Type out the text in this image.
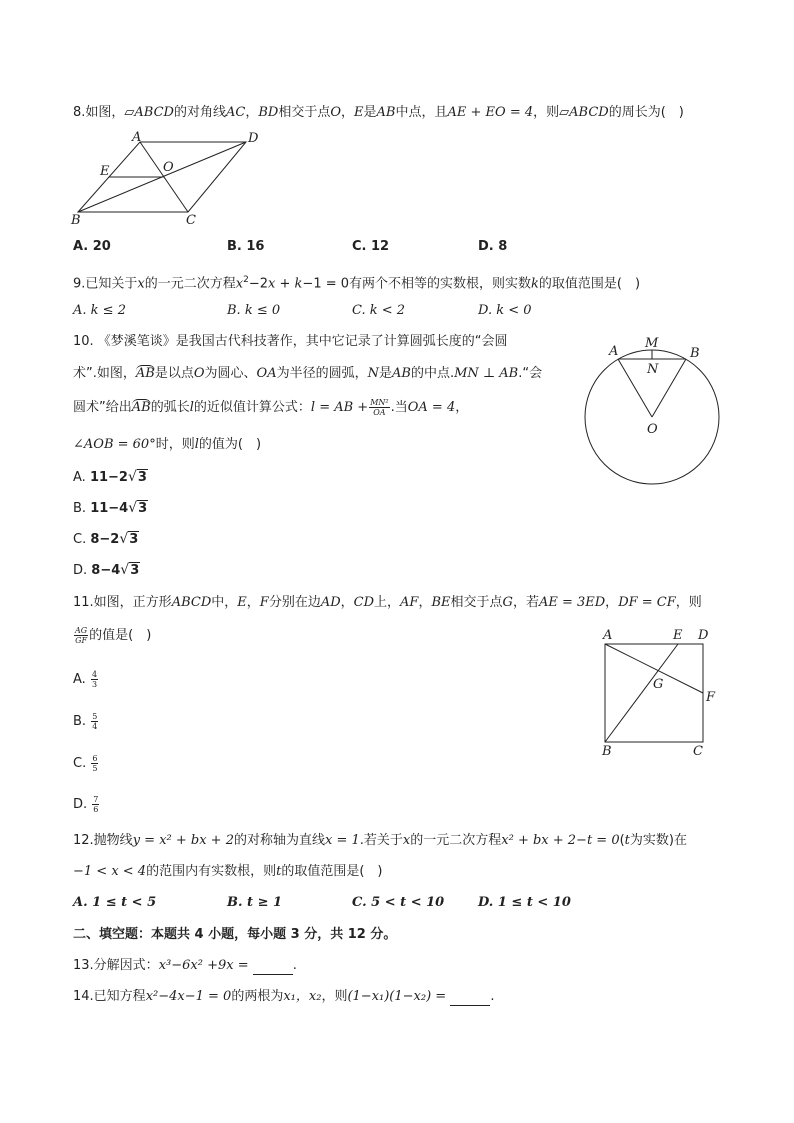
8.如图，▱ABCD的对角线AC，BD相交于点O，E是AB中点，且AE + EO = 4，则▱ABCD的周长为(　)
A	D
E	O
B	C
A. 20	B. 16	C. 12	D. 8
9.已知关于x的一元二次方程$x^2-2x + k-1 = 0$有两个不相等的实数根，则实数k的取值范围是(　)
A. k ≤ 2	B. k ≤ 0	C. k < 2	D. k < 0
10. 《梦溪笔谈》是我国古代科技著作，其中它记录了计算圆弧长度的“会圆
术”.如图，AB是以点O为圆心、OA为半径的圆弧，N是AB的中点.MN ⊥ AB.“会
圆术”给出AB的弧长l的近似值计算公式：l = AB + $\frac{\text{MN²}}{OA}$ .当OA = 4，
∠AOB = 60°时，则l的值为(　)
A
M
B
N
O
A. 11−2√3
B. 11−4√3
C. 8−2√3
D. 8−4√3
11.如图，正方形ABCD中，E，F分别在边AD，CD上，AF，BE相交于点G，若AE = 3ED，DF = CF，则
$\frac{AG}{GF}$ 的值是(　)	A	E D
G
F
B	C
A. $\frac{4}{3}$
B. $\frac{5}{4}$
C. $\frac{6}{5}$
D. $\frac{7}{6}$
12.抛物线y = x² + bx + 2的对称轴为直线x = 1.若关于x的一元二次方程x² + bx + 2−t = 0(t为实数)在
−1 < x < 4的范围内有实数根，则t的取值范围是(　)
A. 1 ≤ t < 5	B. t ≥ 1	C. 5 < t < 10	D. 1 ≤ t < 10
二、填空题：本题共 4 小题，每小题 3 分，共 12 分。
13.分解因式：x³−6x² +9x =	.
14.已知方程x²−4x−1 = 0的两根为x₁，x₂，则(1−x₁)(1−x₂) =	.
